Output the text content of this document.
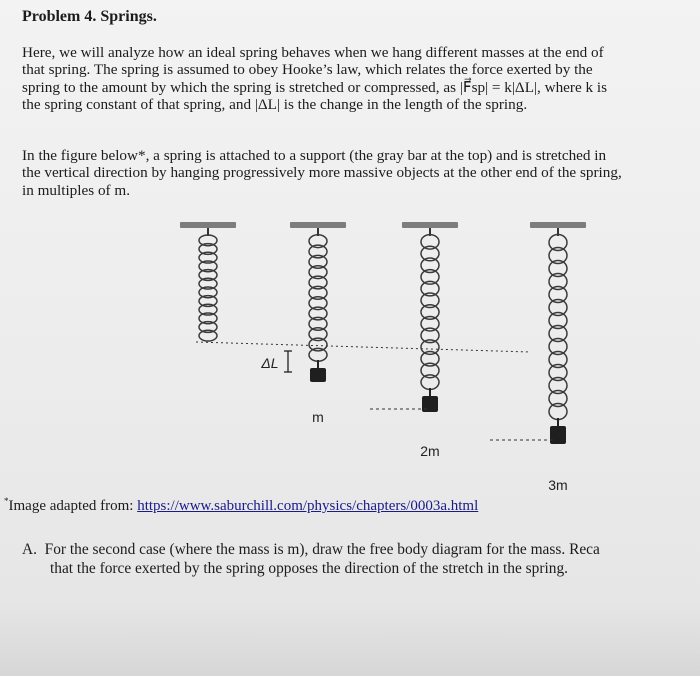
Problem 4. Springs.
Here, we will analyze how an ideal spring behaves when we hang different masses at the end of
that spring. The spring is assumed to obey Hooke’s law, which relates the force exerted by the
spring to the amount by which the spring is stretched or compressed, as |F⃗sp| = k|ΔL|, where k is
the spring constant of that spring, and |ΔL| is the change in the length of the spring.
In the figure below*, a spring is attached to a support (the gray bar at the top) and is stretched in
the vertical direction by hanging progressively more massive objects at the other end of the spring,
in multiples of m.
m
2m
3m
ΔL
*Image adapted from: https://www.saburchill.com/physics/chapters/0003a.html
A. For the second case (where the mass is m), draw the free body diagram for the mass. Reca
that the force exerted by the spring opposes the direction of the stretch in the spring.
